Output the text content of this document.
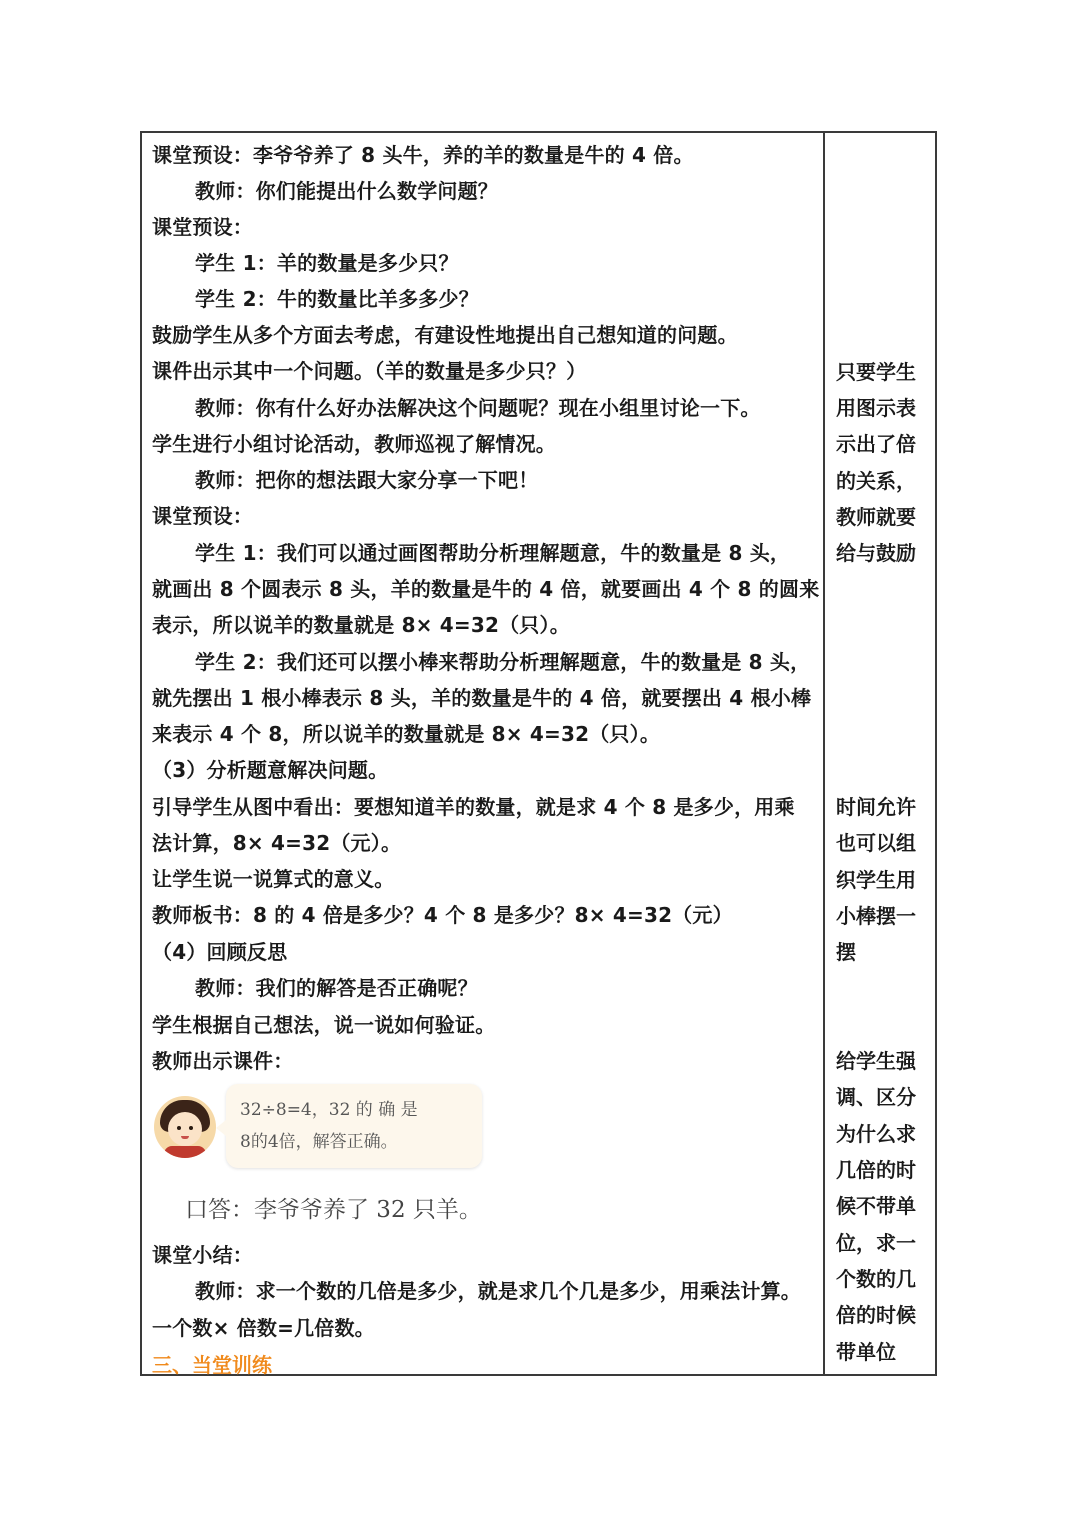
课堂预设：李爷爷养了 8 头牛，养的羊的数量是牛的 4 倍。
教师：你们能提出什么数学问题？
课堂预设：
学生 1：羊的数量是多少只？
学生 2：牛的数量比羊多多少？
鼓励学生从多个方面去考虑，有建设性地提出自己想知道的问题。
课件出示其中一个问题。（羊的数量是多少只？）
教师：你有什么好办法解决这个问题呢？现在小组里讨论一下。
学生进行小组讨论活动，教师巡视了解情况。
教师：把你的想法跟大家分享一下吧！
课堂预设：
学生 1：我们可以通过画图帮助分析理解题意，牛的数量是 8 头，
就画出 8 个圆表示 8 头，羊的数量是牛的 4 倍，就要画出 4 个 8 的圆来
表示，所以说羊的数量就是 8× 4=32（只）。
学生 2：我们还可以摆小棒来帮助分析理解题意，牛的数量是 8 头，
就先摆出 1 根小棒表示 8 头，羊的数量是牛的 4 倍，就要摆出 4 根小棒
来表示 4 个 8，所以说羊的数量就是 8× 4=32（只）。
（3）分析题意解决问题。
引导学生从图中看出：要想知道羊的数量，就是求 4 个 8 是多少，用乘
法计算，8× 4=32（元）。
让学生说一说算式的意义。
教师板书：8 的 4 倍是多少？4 个 8 是多少？8× 4=32（元）
（4）回顾反思
教师：我们的解答是否正确呢？
学生根据自己想法，说一说如何验证。
教师出示课件：
32÷8=4，32 的 确 是
8的4倍，解答正确。
口答：李爷爷养了 32 只羊。
课堂小结：
教师：求一个数的几倍是多少，就是求几个几是多少，用乘法计算。
一个数× 倍数=几倍数。
三、当堂训练
只要学生
用图示表
示出了倍
的关系，
教师就要
给与鼓励
时间允许
也可以组
织学生用
小棒摆一
摆
给学生强
调、区分
为什么求
几倍的时
候不带单
位，求一
个数的几
倍的时候
带单位
